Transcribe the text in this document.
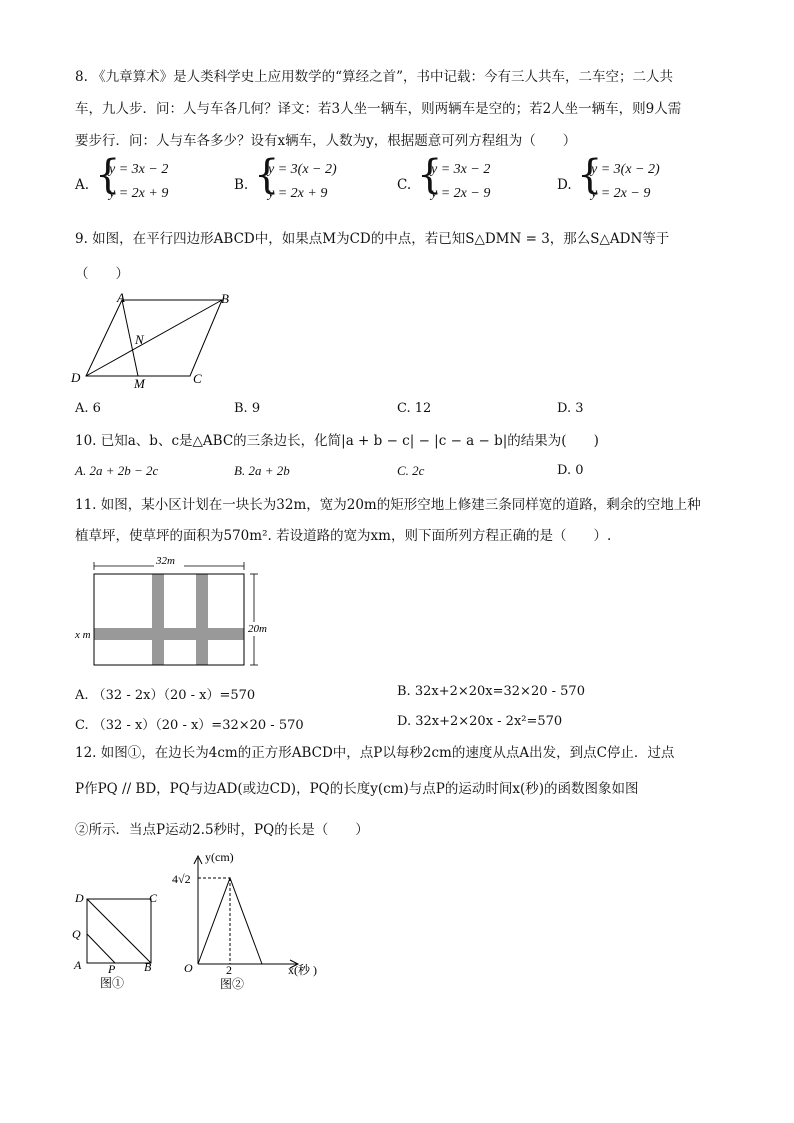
8. 《九章算术》是人类科学史上应用数学的“算经之首”，书中记载：今有三人共车，二车空；二人共
车，九人步．问：人与车各几何？译文：若3人坐一辆车，则两辆车是空的；若2人坐一辆车，则9人需
要步行．问：人与车各多少？设有x辆车，人数为y，根据题意可列方程组为（　　）
A. {
y = 3x − 2
y = 2x + 9
B. {
y = 3(x − 2)
y = 2x + 9
C. {
y = 3x − 2
y = 2x − 9
D. {
y = 3(x − 2)
y = 2x − 9
9. 如图，在平行四边形ABCD中，如果点M为CD的中点，若已知S△DMN = 3，那么S△ADN等于
（　　）
A	B
C
D
N
M
A. 6	B. 9	C. 12	D. 3
10. 已知a、b、c是△ABC的三条边长，化简|a + b − c| − |c − a − b|的结果为(　　)
A. 2a + 2b − 2c	B. 2a + 2b	C. 2c	D. 0
11. 如图，某小区计划在一块长为32m，宽为20m的矩形空地上修建三条同样宽的道路，剩余的空地上种
植草坪，使草坪的面积为570m². 若设道路的宽为xm，则下面所列方程正确的是（　　）.
32m
20m
x m
A. （32 - 2x）（20 - x）=570	B. 32x+2×20x=32×20 - 570
C. （32 - x）（20 - x）=32×20 - 570	D. 32x+2×20x - 2x²=570
12. 如图①，在边长为4cm的正方形ABCD中，点P以每秒2cm的速度从点A出发，到点C停止．过点
P作PQ // BD，PQ与边AD(或边CD)，PQ的长度y(cm)与点P的运动时间x(秒)的函数图象如图
②所示．当点P运动2.5秒时，PQ的长是（　　）
D	C
Q
A P B
图①
y(cm)
4√2
O	2	x(秒 )
图②
